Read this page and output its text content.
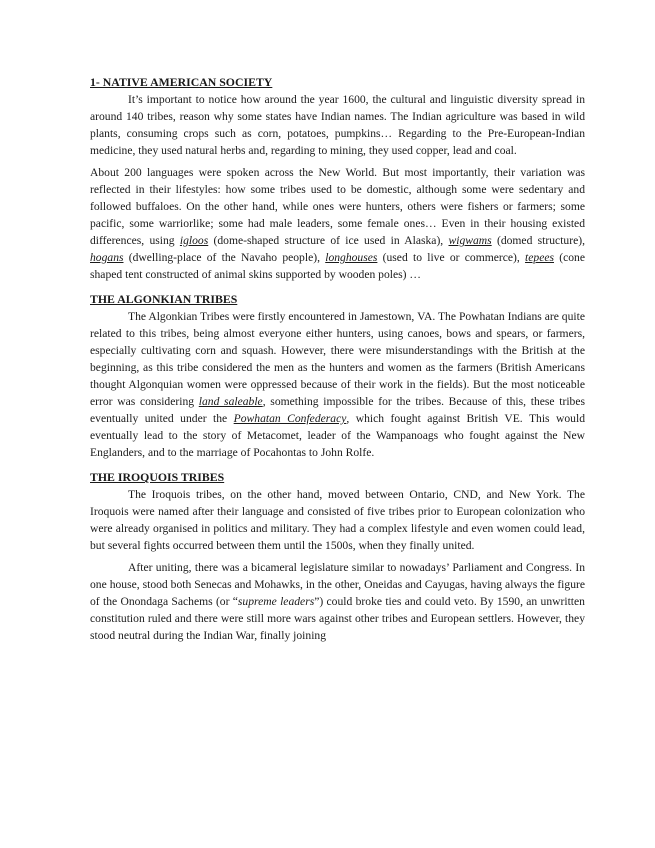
1- NATIVE AMERICAN SOCIETY

It’s important to notice how around the year 1600, the cultural and linguistic diversity spread in around 140 tribes, reason why some states have Indian names. The Indian agriculture was based in wild plants, consuming crops such as corn, potatoes, pumpkins… Regarding to the Pre-European-Indian medicine, they used natural herbs and, regarding to mining, they used copper, lead and coal.

About 200 languages were spoken across the New World. But most importantly, their variation was reflected in their lifestyles: how some tribes used to be domestic, although some were sedentary and followed buffaloes. On the other hand, while ones were hunters, others were fishers or farmers; some pacific, some warriorlike; some had male leaders, some female ones… Even in their housing existed differences, using igloos (dome-shaped structure of ice used in Alaska), wigwams (domed structure), hogans (dwelling-place of the Navaho people), longhouses (used to live or commerce), tepees (cone shaped tent constructed of animal skins supported by wooden poles) …

THE ALGONKIAN TRIBES

The Algonkian Tribes were firstly encountered in Jamestown, VA. The Powhatan Indians are quite related to this tribes, being almost everyone either hunters, using canoes, bows and spears, or farmers, especially cultivating corn and squash. However, there were misunderstandings with the British at the beginning, as this tribe considered the men as the hunters and women as the farmers (British Americans thought Algonquian women were oppressed because of their work in the fields). But the most noticeable error was considering land saleable, something impossible for the tribes. Because of this, these tribes eventually united under the Powhatan Confederacy, which fought against British VE. This would eventually lead to the story of Metacomet, leader of the Wampanoags who fought against the New Englanders, and to the marriage of Pocahontas to John Rolfe.

THE IROQUOIS TRIBES

The Iroquois tribes, on the other hand, moved between Ontario, CND, and New York. The Iroquois were named after their language and consisted of five tribes prior to European colonization who were already organised in politics and military. They had a complex lifestyle and even women could lead, but several fights occurred between them until the 1500s, when they finally united.

After uniting, there was a bicameral legislature similar to nowadays’ Parliament and Congress. In one house, stood both Senecas and Mohawks, in the other, Oneidas and Cayugas, having always the figure of the Onondaga Sachems (or “supreme leaders”) could broke ties and could veto. By 1590, an unwritten constitution ruled and there were still more wars against other tribes and European settlers. However, they stood neutral during the Indian War, finally joining
